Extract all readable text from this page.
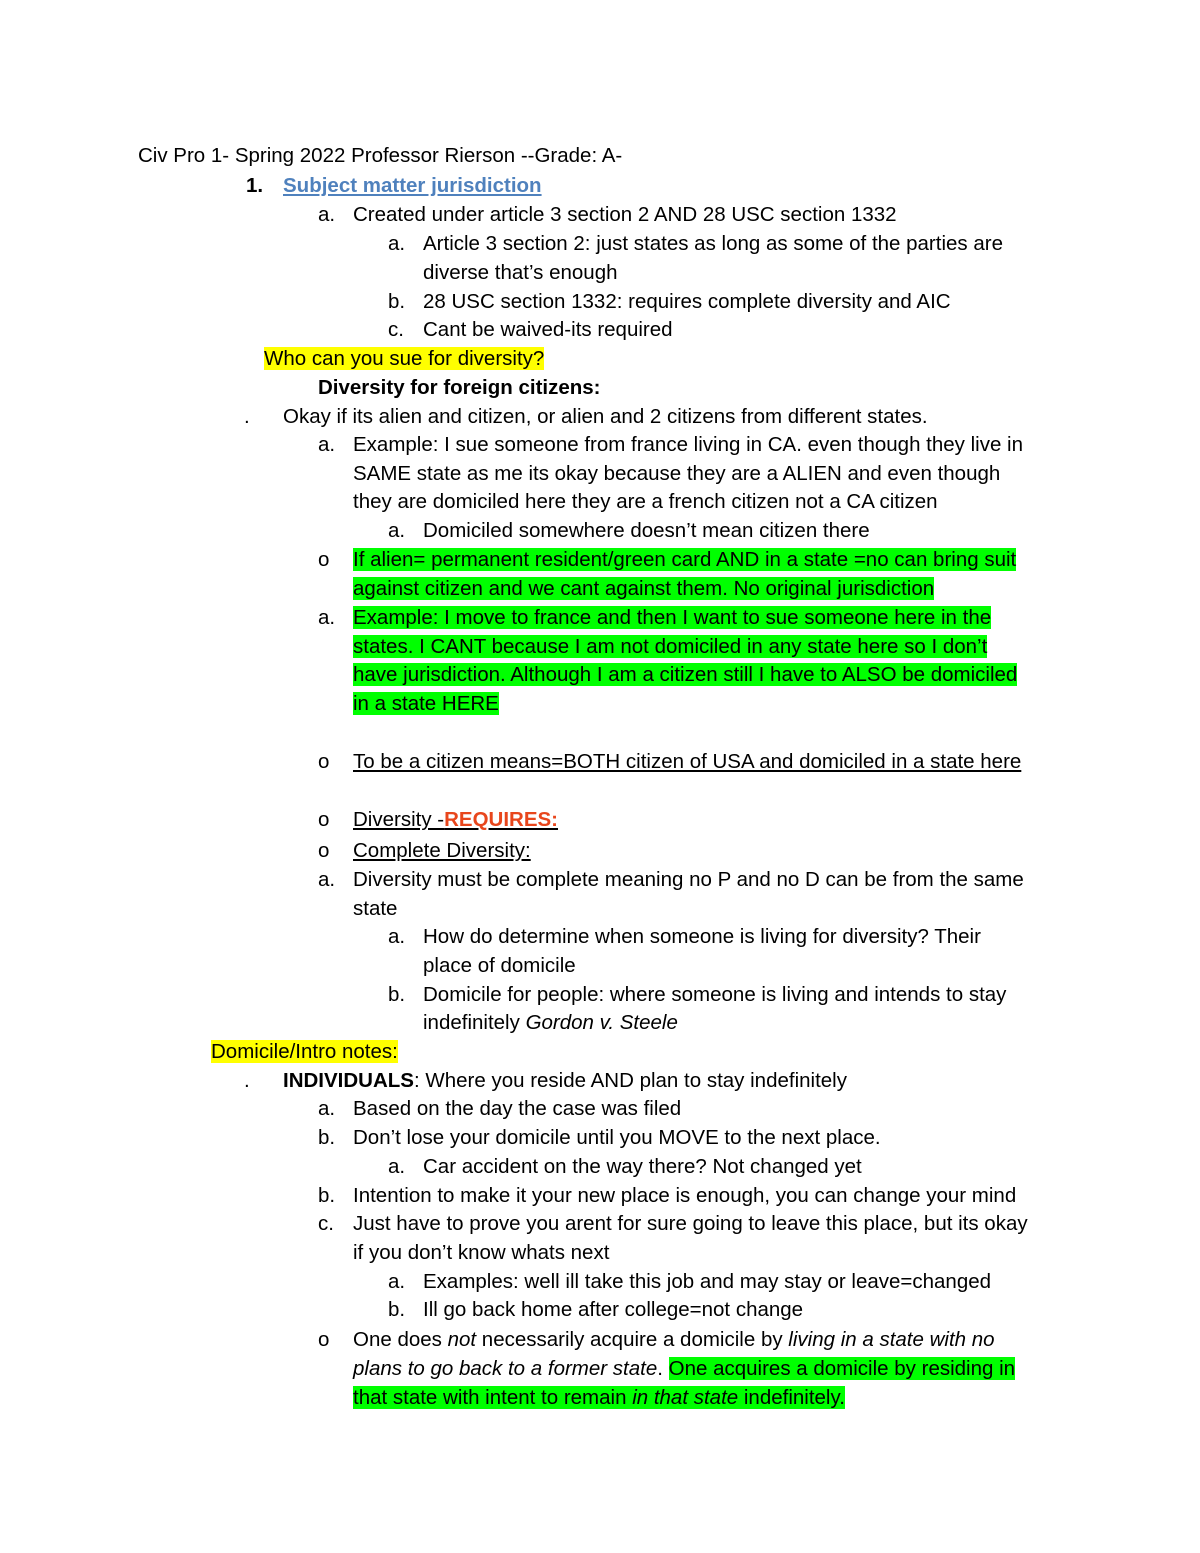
Civ Pro 1- Spring 2022 Professor Rierson --Grade: A-
1. Subject matter jurisdiction
a. Created under article 3 section 2 AND 28 USC section 1332
a. Article 3 section 2: just states as long as some of the parties are
diverse that’s enough
b. 28 USC section 1332: requires complete diversity and AIC
c. Cant be waived-its required
Who can you sue for diversity?
Diversity for foreign citizens:
. Okay if its alien and citizen, or alien and 2 citizens from different states.
a. Example: I sue someone from france living in CA. even though they live in
SAME state as me its okay because they are a ALIEN and even though
they are domiciled here they are a french citizen not a CA citizen
a. Domiciled somewhere doesn’t mean citizen there
o If alien= permanent resident/green card AND in a state =no can bring suit
against citizen and we cant against them. No original jurisdiction
a. Example: I move to france and then I want to sue someone here in the
states. I CANT because I am not domiciled in any state here so I don’t
have jurisdiction. Although I am a citizen still I have to ALSO be domiciled
in a state HERE
o To be a citizen means=BOTH citizen of USA and domiciled in a state here
o Diversity -REQUIRES:
o Complete Diversity:
a. Diversity must be complete meaning no P and no D can be from the same
state
a. How do determine when someone is living for diversity? Their
place of domicile
b. Domicile for people: where someone is living and intends to stay
indefinitely Gordon v. Steele
Domicile/Intro notes:
. INDIVIDUALS: Where you reside AND plan to stay indefinitely
a. Based on the day the case was filed
b. Don’t lose your domicile until you MOVE to the next place.
a. Car accident on the way there? Not changed yet
b. Intention to make it your new place is enough, you can change your mind
c. Just have to prove you arent for sure going to leave this place, but its okay
if you don’t know whats next
a. Examples: well ill take this job and may stay or leave=changed
b. Ill go back home after college=not change
o One does not necessarily acquire a domicile by living in a state with no
plans to go back to a former state. One acquires a domicile by residing in
that state with intent to remain in that state indefinitely.
